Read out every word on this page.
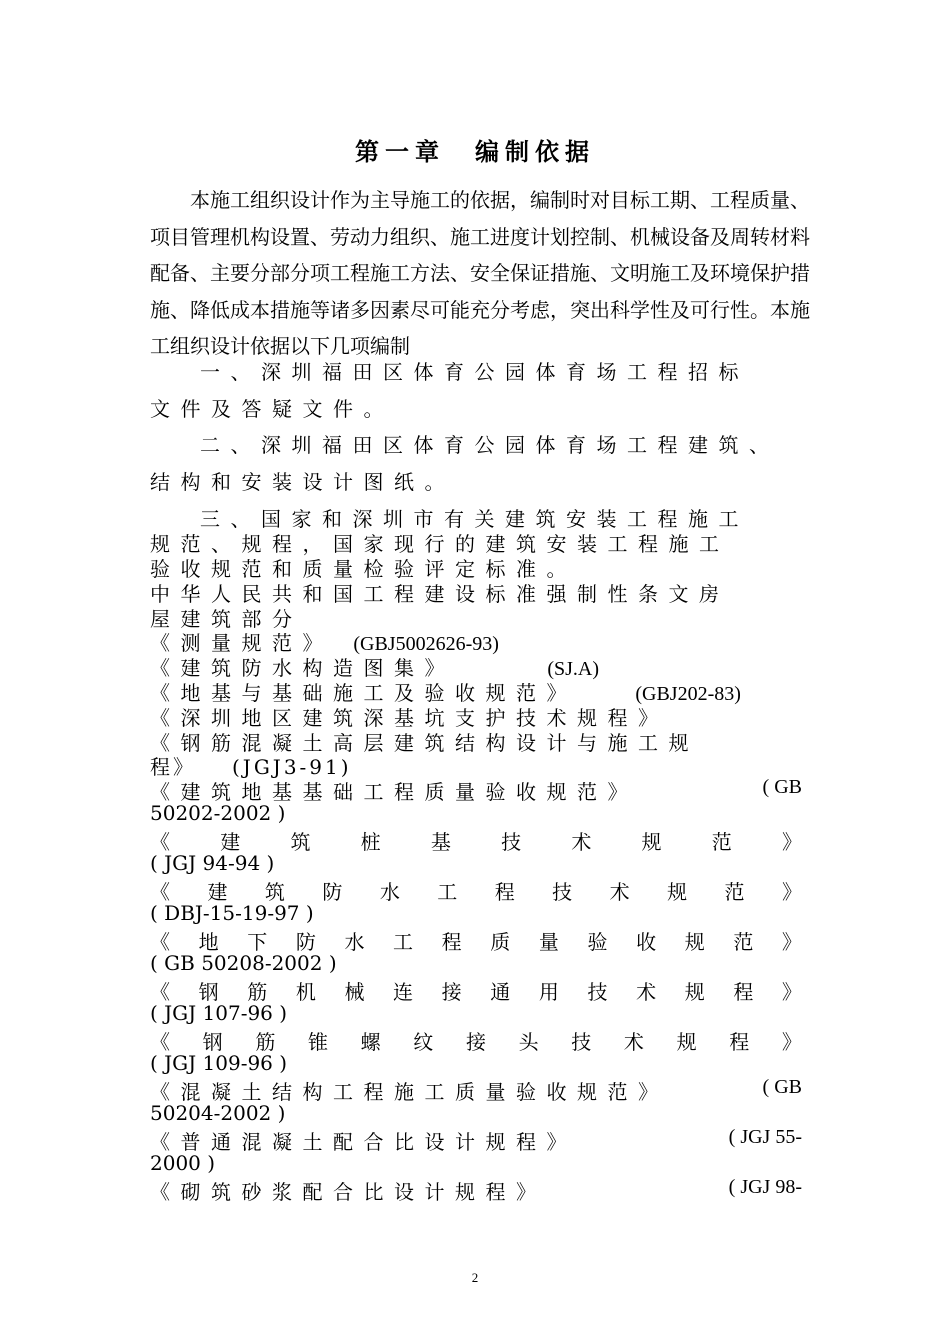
第一章　编制依据
本施工组织设计作为主导施工的依据，编制时对目标工期、工程质量、项目管理机构设置、劳动力组织、施工进度计划控制、机械设备及周转材料配备、主要分部分项工程施工方法、安全保证措施、文明施工及环境保护措施、降低成本措施等诸多因素尽可能充分考虑，突出科学性及可行性。本施工组织设计依据以下几项编制
一、深圳福田区体育公园体育场工程招标
文件及答疑文件。
二、深圳福田区体育公园体育场工程建筑、
结构和安装设计图纸。
三、国家和深圳市有关建筑安装工程施工
规范、规程，国家现行的建筑安装工程施工
验收规范和质量检验评定标准。
中华人民共和国工程建设标准强制性条文房
屋建筑部分
《测量规范》 (GBJ5002626-93)
《建筑防水构造图集》	(SJ.A)
《地基与基础施工及验收规范》	(GBJ202-83)
《深圳地区建筑深基坑支护技术规程》
《钢筋混凝土高层建筑结构设计与施工规
程》　　(JGJ3-91)
《建筑地基基础工程质量验收规范》	( GB
50202-2002 )
《	建	筑	桩	基	技	术	规	范	》
( JGJ 94-94 )
《 建 筑 防 水 工 程 技 术 规 范 》
( DBJ-15-19-97 )
《 地 下 防 水 工 程 质 量 验 收 规 范 》
( GB 50208-2002 )
《 钢 筋 机 械 连 接 通 用 技 术 规 程 》
( JGJ 107-96 )
《 钢 筋 锥 螺 纹 接 头 技 术 规 程 》
( JGJ 109-96 )
《混凝土结构工程施工质量验收规范》	( GB
50204-2002 )
《普通混凝土配合比设计规程》	( JGJ 55-
2000 )
《砌筑砂浆配合比设计规程》	( JGJ 98-
2
